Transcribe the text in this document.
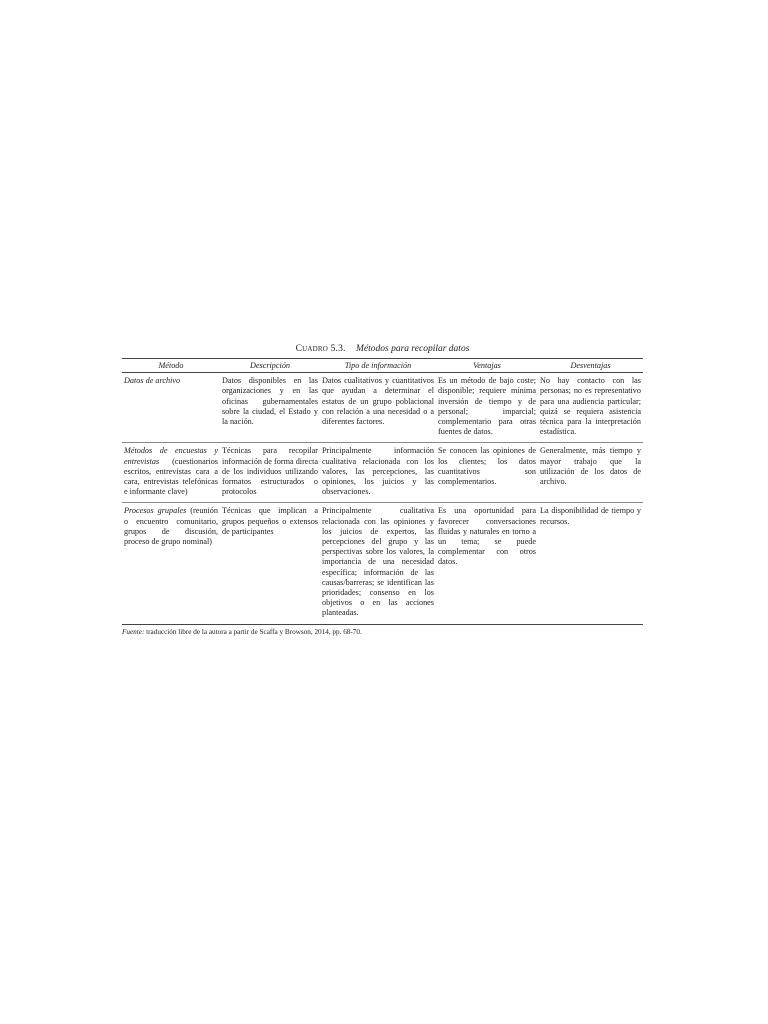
Cuadro 5.3. Métodos para recopilar datos
Método	Descripción	Tipo de información	Ventajas	Desventajas
Datos de archivo	Datos disponibles en las organizaciones y en las oficinas gubernamentales sobre la ciudad, el Estado y la nación.	Datos cualitativos y cuantitativos que ayudan a determinar el estatus de un grupo poblacional con relación a una necesidad o a diferentes factores.	Es un método de bajo coste; disponible; requiere mínima inversión de tiempo y de personal; imparcial; complementario para otras fuentes de datos.	No hay contacto con las personas; no es representativo para una audiencia particular; quizá se requiera asistencia técnica para la interpretación estadística.
Métodos de encuestas y entrevistas (cuestionarios escritos, entrevistas cara a cara, entrevistas telefónicas e informante clave)	Técnicas para recopilar información de forma directa de los individuos utilizando formatos estructurados o protocolos	Principalmente información cualitativa relacionada con los valores, las percepciones, las opiniones, los juicios y las observaciones.	Se conocen las opiniones de los clientes; los datos cuantitativos son complementarios.	Generalmente, más tiempo y mayor trabajo que la utilización de los datos de archivo.
Procesos grupales (reunión o encuentro comunitario, grupos de discusión, proceso de grupo nominal)	Técnicas que implican a grupos pequeños o extensos de participantes	Principalmente cualitativa relacionada con las opiniones y los juicios de expertos, las percepciones del grupo y las perspectivas sobre los valores, la importancia de una necesidad específica; información de las causas/barreras; se identifican las prioridades; consenso en los objetivos o en las acciones planteadas.	Es una oportunidad para favorecer conversaciones fluidas y naturales en torno a un tema; se puede complementar con otros datos.	La disponibilidad de tiempo y recursos.
Fuente: traducción libre de la autora a partir de Scaffa y Browson, 2014, pp. 68-70.
